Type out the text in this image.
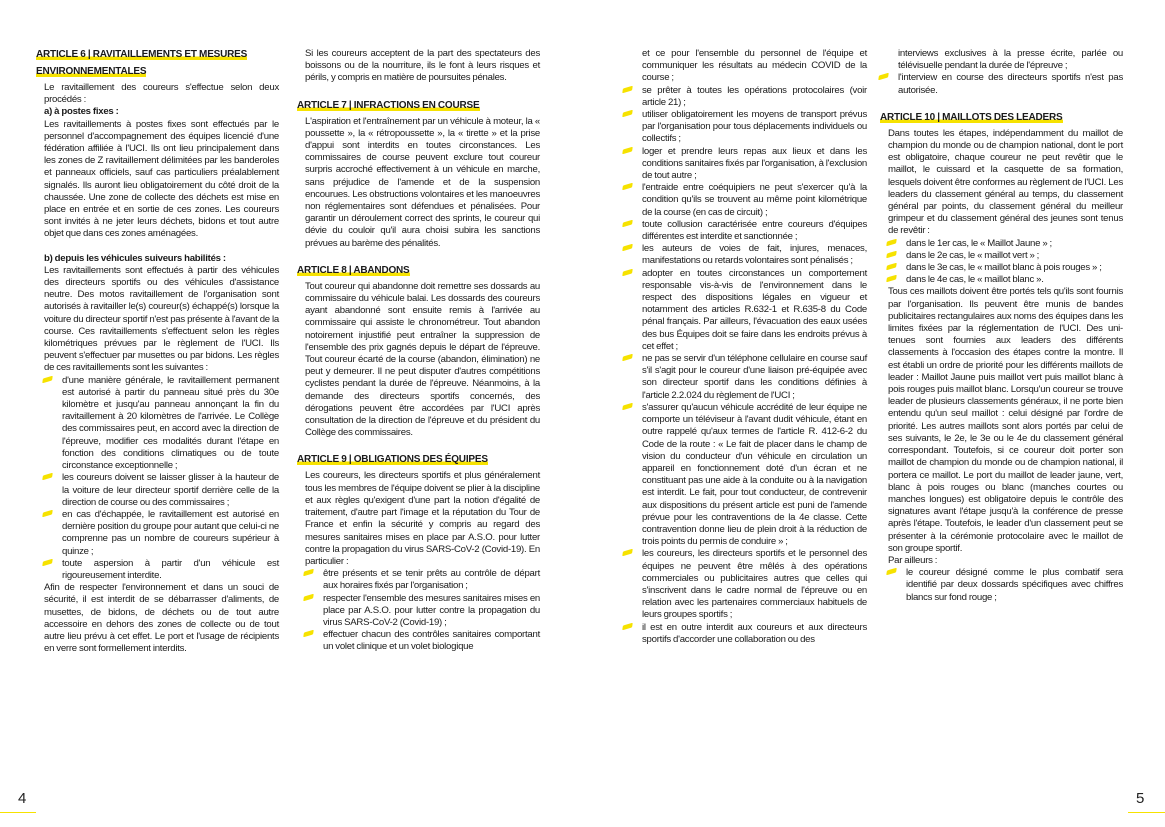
ARTICLE 6 | RAVITAILLEMENTS ET MESURES
ENVIRONNEMENTALES

Le ravitaillement des coureurs s'effectue selon deux procédés :

a) à postes fixes :

Les ravitaillements à postes fixes sont effectués par le personnel d'accompagnement des équipes licencié d'une fédération affiliée à l'UCI. Ils ont lieu principalement dans les zones de Z ravitaillement délimitées par les banderoles et panneaux officiels, sauf cas particuliers préalablement signalés. Ils auront lieu obligatoirement du côté droit de la chaussée. Une zone de collecte des déchets est mise en place en entrée et en sortie de ces zones. Les coureurs sont invités à ne jeter leurs déchets, bidons et tout autre objet que dans ces zones aménagées.

b) depuis les véhicules suiveurs habilités :

Les ravitaillements sont effectués à partir des véhicules des directeurs sportifs ou des véhicules d'assistance neutre. Des motos ravitaillement de l'organisation sont autorisés à ravitailler le(s) coureur(s) échappé(s) lorsque la voiture du directeur sportif n'est pas présente à l'avant de la course. Ces ravitaillements s'effectuent selon les règles kilométriques prévues par le règlement de l'UCI. Ils peuvent s'effectuer par musettes ou par bidons. Les règles de ces ravitaillements sont les suivantes :

d'une manière générale, le ravitaillement permanent est autorisé à partir du panneau situé près du 30e kilomètre et jusqu'au panneau annonçant la fin du ravitaillement à 20 kilomètres de l'arrivée. Le Collège des commissaires peut, en accord avec la direction de l'épreuve, modifier ces modalités durant l'étape en fonction des conditions climatiques ou de toute circonstance exceptionnelle ;
les coureurs doivent se laisser glisser à la hauteur de la voiture de leur directeur sportif derrière celle de la direction de course ou des commissaires ;
en cas d'échappée, le ravitaillement est autorisé en dernière position du groupe pour autant que celui-ci ne comprenne pas un nombre de coureurs supérieur à quinze ;
toute aspersion à partir d'un véhicule est rigoureusement interdite.

Afin de respecter l'environnement et dans un souci de sécurité, il est interdit de se débarrasser d'aliments, de musettes, de bidons, de déchets ou de tout autre accessoire en dehors des zones de collecte ou de tout autre lieu prévu à cet effet. Le port et l'usage de récipients en verre sont formellement interdits.

Si les coureurs acceptent de la part des spectateurs des boissons ou de la nourriture, ils le font à leurs risques et périls, y compris en matière de poursuites pénales.

ARTICLE 7 | INFRACTIONS EN COURSE

L'aspiration et l'entraînement par un véhicule à moteur, la « poussette », la « rétropoussette », la « tirette » et la prise d'appui sont interdits en toutes circonstances. Les commissaires de course peuvent exclure tout coureur surpris accroché effectivement à un véhicule en marche, sans préjudice de l'amende et de la suspension encourues. Les obstructions volontaires et les manoeuvres non réglementaires sont défendues et pénalisées. Pour garantir un déroulement correct des sprints, le coureur qui dévie du couloir qu'il aura choisi subira les sanctions prévues au barème des pénalités.

ARTICLE 8 | ABANDONS

Tout coureur qui abandonne doit remettre ses dossards au commissaire du véhicule balai. Les dossards des coureurs ayant abandonné sont ensuite remis à l'arrivée au commissaire qui assiste le chronométreur. Tout abandon notoirement injustifié peut entraîner la suppression de l'ensemble des prix gagnés depuis le départ de l'épreuve. Tout coureur écarté de la course (abandon, élimination) ne peut y demeurer. Il ne peut disputer d'autres compétitions cyclistes pendant la durée de l'épreuve. Néanmoins, à la demande des directeurs sportifs concernés, des dérogations peuvent être accordées par l'UCI après consultation de la direction de l'épreuve et du président du Collège des commissaires.

ARTICLE 9 | OBLIGATIONS DES ÉQUIPES

Les coureurs, les directeurs sportifs et plus généralement tous les membres de l'équipe doivent se plier à la discipline et aux règles qu'exigent d'une part la notion d'égalité de traitement, d'autre part l'image et la réputation du Tour de France et enfin la sécurité y compris au regard des mesures sanitaires mises en place par A.S.O. pour lutter contre la propagation du virus SARS-CoV-2 (Covid-19). En particulier :

être présents et se tenir prêts au contrôle de départ aux horaires fixés par l'organisation ;
respecter l'ensemble des mesures sanitaires mises en place par A.S.O. pour lutter contre la propagation du virus SARS-CoV-2 (Covid-19) ;
effectuer chacun des contrôles sanitaires comportant un volet clinique et un volet biologique

et ce pour l'ensemble du personnel de l'équipe et communiquer les résultats au médecin COVID de la course ;

se prêter à toutes les opérations protocolaires (voir article 21) ;
utiliser obligatoirement les moyens de transport prévus par l'organisation pour tous déplacements individuels ou collectifs ;
loger et prendre leurs repas aux lieux et dans les conditions sanitaires fixés par l'organisation, à l'exclusion de tout autre ;
l'entraide entre coéquipiers ne peut s'exercer qu'à la condition qu'ils se trouvent au même point kilométrique de la course (en cas de circuit) ;
toute collusion caractérisée entre coureurs d'équipes différentes est interdite et sanctionnée ;
les auteurs de voies de fait, injures, menaces, manifestations ou retards volontaires sont pénalisés ;
adopter en toutes circonstances un comportement responsable vis-à-vis de l'environnement dans le respect des dispositions légales en vigueur et notamment des articles R.632-1 et R.635-8 du Code pénal français. Par ailleurs, l'évacuation des eaux usées des bus Équipes doit se faire dans les endroits prévus à cet effet ;
ne pas se servir d'un téléphone cellulaire en course sauf s'il s'agit pour le coureur d'une liaison pré-équipée avec son directeur sportif dans les conditions définies à l'article 2.2.024 du règlement de l'UCI ;
s'assurer qu'aucun véhicule accrédité de leur équipe ne comporte un téléviseur à l'avant dudit véhicule, étant en outre rappelé qu'aux termes de l'article R. 412-6-2 du Code de la route : « Le fait de placer dans le champ de vision du conducteur d'un véhicule en circulation un appareil en fonctionnement doté d'un écran et ne constituant pas une aide à la conduite ou à la navigation est interdit. Le fait, pour tout conducteur, de contrevenir aux dispositions du présent article est puni de l'amende prévue pour les contraventions de la 4e classe. Cette contravention donne lieu de plein droit à la réduction de trois points du permis de conduire » ;
les coureurs, les directeurs sportifs et le personnel des équipes ne peuvent être mêlés à des opérations commerciales ou publicitaires autres que celles qui s'inscrivent dans le cadre normal de l'épreuve ou en relation avec les partenaires commerciaux habituels de leurs groupes sportifs ;
il est en outre interdit aux coureurs et aux directeurs sportifs d'accorder une collaboration ou des

interviews exclusives à la presse écrite, parlée ou télévisuelle pendant la durée de l'épreuve ;

l'interview en course des directeurs sportifs n'est pas autorisée.
ARTICLE 10 | MAILLOTS DES LEADERS

Dans toutes les étapes, indépendamment du maillot de champion du monde ou de champion national, dont le port est obligatoire, chaque coureur ne peut revêtir que le maillot, le cuissard et la casquette de sa formation, lesquels doivent être conformes au règlement de l'UCI. Les leaders du classement général au temps, du classement général par points, du classement général du meilleur grimpeur et du classement général des jeunes sont tenus de revêtir :

dans le 1er cas, le « Maillot Jaune » ;
dans le 2e cas, le « maillot vert » ;
dans le 3e cas, le « maillot blanc à pois rouges » ;
dans le 4e cas, le « maillot blanc ».

Tous ces maillots doivent être portés tels qu'ils sont fournis par l'organisation. Ils peuvent être munis de bandes publicitaires rectangulaires aux noms des équipes dans les limites fixées par la réglementation de l'UCI. Des uni-tenues sont fournies aux leaders des différents classements à l'occasion des étapes contre la montre. Il est établi un ordre de priorité pour les différents maillots de leader : Maillot Jaune puis maillot vert puis maillot blanc à pois rouges puis maillot blanc. Lorsqu'un coureur se trouve leader de plusieurs classements généraux, il ne porte bien entendu qu'un seul maillot : celui désigné par l'ordre de priorité. Les autres maillots sont alors portés par celui de ses suivants, le 2e, le 3e ou le 4e du classement général correspondant. Toutefois, si ce coureur doit porter son maillot de champion du monde ou de champion national, il portera ce maillot. Le port du maillot de leader jaune, vert, blanc à pois rouges ou blanc (manches courtes ou manches longues) est obligatoire depuis le contrôle des signatures avant l'étape jusqu'à la conférence de presse après l'étape. Toutefois, le leader d'un classement peut se présenter à la cérémonie protocolaire avec le maillot de son groupe sportif.

Par ailleurs :

le coureur désigné comme le plus combatif sera identifié par deux dossards spécifiques avec chiffres blancs sur fond rouge ;
4	5
